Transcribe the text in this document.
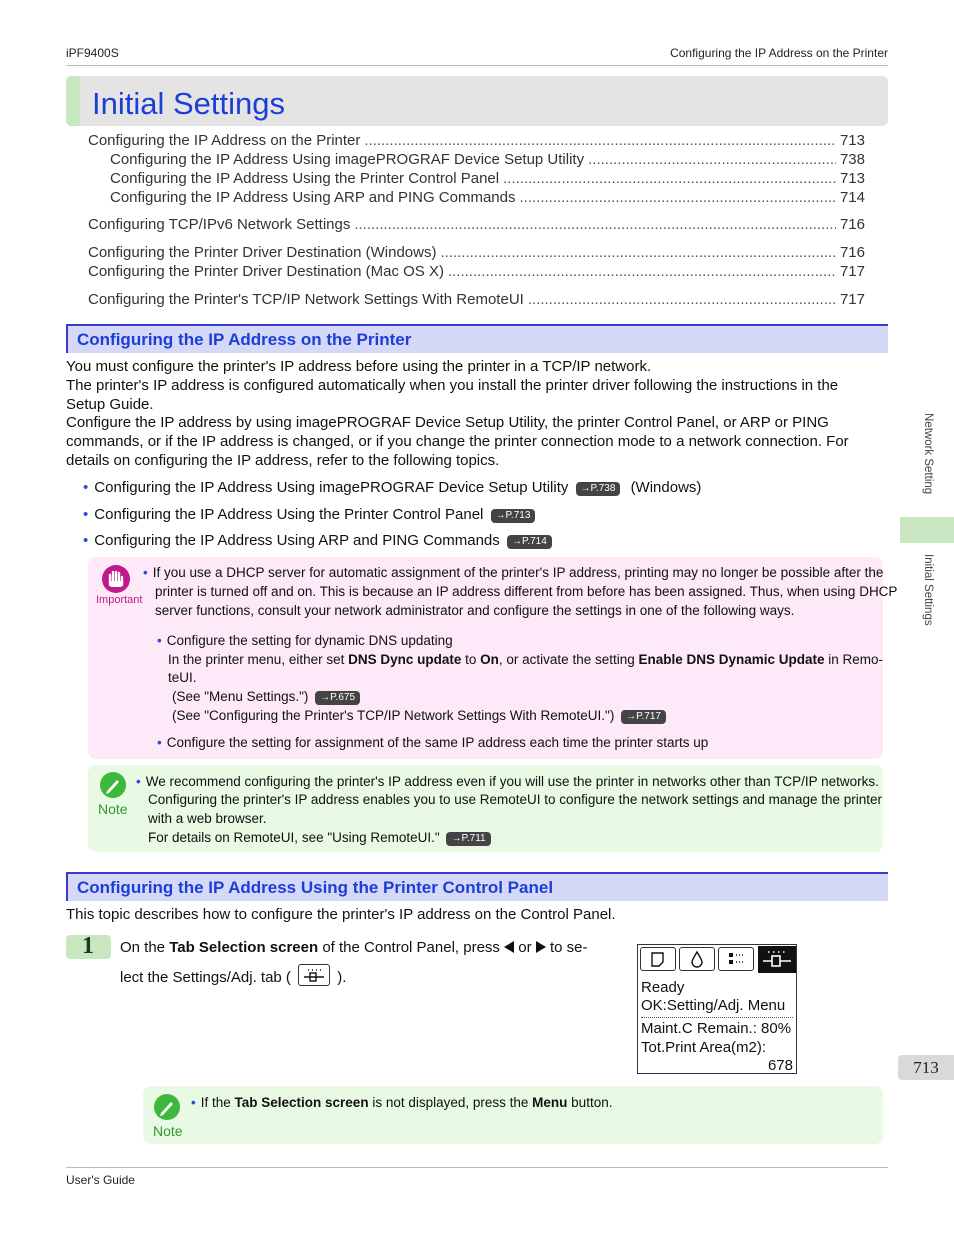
iPF9400S	Configuring the IP Address on the Printer
Initial Settings
Configuring the IP Address on the Printer .....	713
Configuring the IP Address Using imagePROGRAF Device Setup Utility .....	738
Configuring the IP Address Using the Printer Control Panel .....	713
Configuring the IP Address Using ARP and PING Commands .....	714
Configuring TCP/IPv6 Network Settings .....	716
Configuring the Printer Driver Destination (Windows) .....	716
Configuring the Printer Driver Destination (Mac OS X) .....	717
Configuring the Printer's TCP/IP Network Settings With RemoteUI .....	717
Configuring the IP Address on the Printer
You must configure the printer's IP address before using the printer in a TCP/IP network.
The printer's IP address is configured automatically when you install the printer driver following the instructions in the
Setup Guide.
Configure the IP address by using imagePROGRAF Device Setup Utility, the printer Control Panel, or ARP or PING
commands, or if the IP address is changed, or if you change the printer connection mode to a network connection. For
details on configuring the IP address, refer to the following topics.
• Configuring the IP Address Using imagePROGRAF Device Setup Utility →P.738 (Windows)
• Configuring the IP Address Using the Printer Control Panel →P.713
• Configuring the IP Address Using ARP and PING Commands →P.714
Important
• If you use a DHCP server for automatic assignment of the printer's IP address, printing may no longer be possible after the
printer is turned off and on. This is because an IP address different from before has been assigned. Thus, when using DHCP
server functions, consult your network administrator and configure the settings in one of the following ways.
• Configure the setting for dynamic DNS updating
In the printer menu, either set DNS Dync update to On, or activate the setting Enable DNS Dynamic Update in Remo-
teUI.
(See "Menu Settings.") →P.675
(See "Configuring the Printer's TCP/IP Network Settings With RemoteUI.") →P.717
• Configure the setting for assignment of the same IP address each time the printer starts up
Note
• We recommend configuring the printer's IP address even if you will use the printer in networks other than TCP/IP networks.
Configuring the printer's IP address enables you to use RemoteUI to configure the network settings and manage the printer
with a web browser.
For details on RemoteUI, see "Using RemoteUI." →P.711
Configuring the IP Address Using the Printer Control Panel
This topic describes how to configure the printer's IP address on the Control Panel.
1 On the Tab Selection screen of the Control Panel, press  or  to se-
lect the Settings/Adj. tab (	).
Ready
OK:Setting/Adj. Menu
Maint.C Remain.: 80%
Tot.Print Area(m2):
678
Note
• If the Tab Selection screen is not displayed, press the Menu button.
Network Setting
Initial Settings
713
User's Guide
